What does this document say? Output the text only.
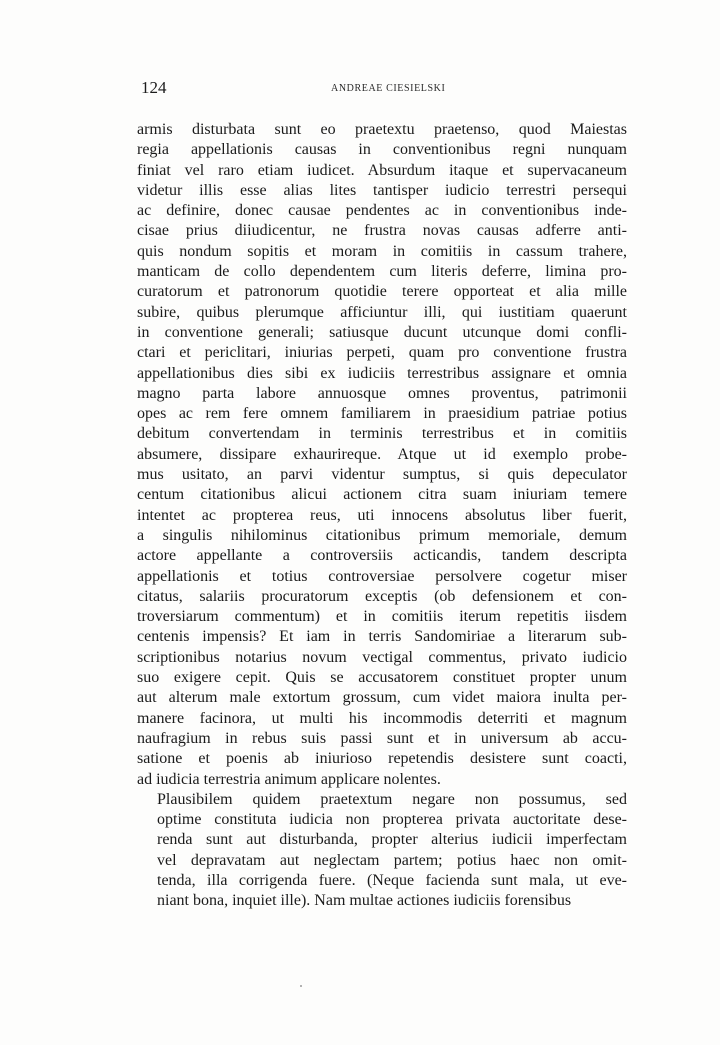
124	ANDREAE CIESIELSKI

armis disturbata sunt eo praetextu praetenso, quod Maiestas
regia appellationis causas in conventionibus regni nunquam
finiat vel raro etiam iudicet. Absurdum itaque et supervacaneum
videtur illis esse alias lites tantisper iudicio terrestri persequi
ac definire, donec causae pendentes ac in conventionibus inde-
cisae prius diiudicentur, ne frustra novas causas adferre anti-
quis nondum sopitis et moram in comitiis in cassum trahere,
manticam de collo dependentem cum literis deferre, limina pro-
curatorum et patronorum quotidie terere opporteat et alia mille
subire, quibus plerumque afficiuntur illi, qui iustitiam quaerunt
in conventione generali; satiusque ducunt utcunque domi confli-
ctari et periclitari, iniurias perpeti, quam pro conventione frustra
appellationibus dies sibi ex iudiciis terrestribus assignare et omnia
magno parta labore annuosque omnes proventus, patrimonii
opes ac rem fere omnem familiarem in praesidium patriae potius
debitum convertendam in terminis terrestribus et in comitiis
absumere, dissipare exhaurireque. Atque ut id exemplo probe-
mus usitato, an parvi videntur sumptus, si quis depeculator
centum citationibus alicui actionem citra suam iniuriam temere
intentet ac propterea reus, uti innocens absolutus liber fuerit,
a singulis nihilominus citationibus primum memoriale, demum
actore appellante a controversiis acticandis, tandem descripta
appellationis et totius controversiae persolvere cogetur miser
citatus, salariis procuratorum exceptis (ob defensionem et con-
troversiarum commentum) et in comitiis iterum repetitis iisdem
centenis impensis? Et iam in terris Sandomiriae a literarum sub-
scriptionibus notarius novum vectigal commentus, privato iudicio
suo exigere cepit. Quis se accusatorem constituet propter unum
aut alterum male extortum grossum, cum videt maiora inulta per-
manere facinora, ut multi his incommodis deterriti et magnum
naufragium in rebus suis passi sunt et in universum ab accu-
satione et poenis ab iniurioso repetendis desistere sunt coacti,
ad iudicia terrestria animum applicare nolentes.

Plausibilem quidem praetextum negare non possumus, sed
optime constituta iudicia non propterea privata auctoritate dese-
renda sunt aut disturbanda, propter alterius iudicii imperfectam
vel depravatam aut neglectam partem; potius haec non omit-
tenda, illa corrigenda fuere. (Neque facienda sunt mala, ut eve-
niant bona, inquiet ille). Nam multae actiones iudiciis forensibus
